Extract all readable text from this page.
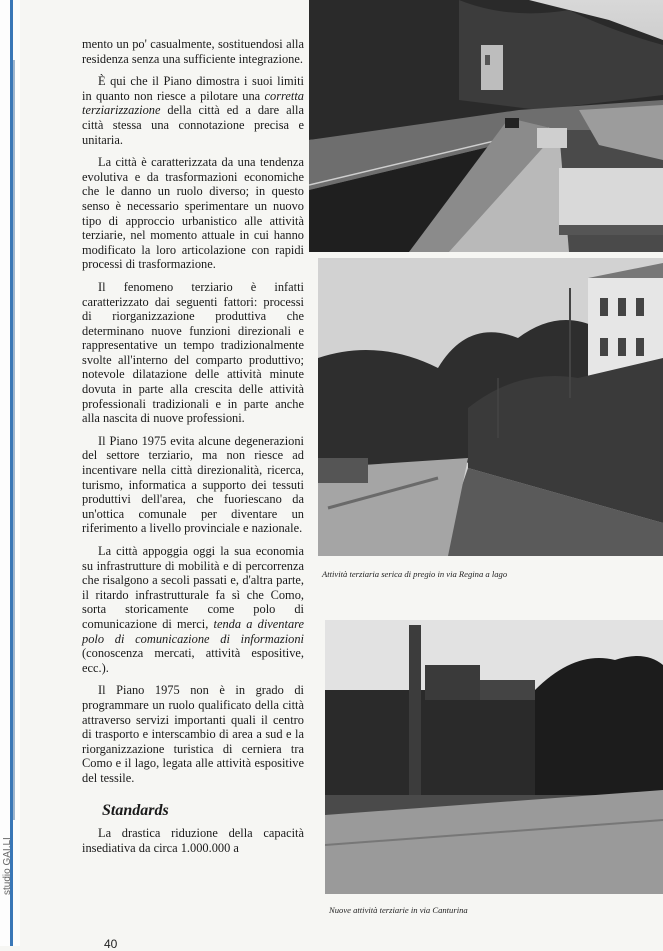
studio GAI.LI

mento un po' casualmente, sostituendosi alla residenza senza una sufficiente integrazione.

È qui che il Piano dimostra i suoi limiti in quanto non riesce a pilotare una corretta terziarizzazione della città ed a dare alla città stessa una connotazione precisa e unitaria.

La città è caratterizzata da una tendenza evolutiva e da trasformazioni economiche che le danno un ruolo diverso; in questo senso è necessario sperimentare un nuovo tipo di approccio urbanistico alle attività terziarie, nel momento attuale in cui hanno modificato la loro articolazione con rapidi processi di trasformazione.

Il fenomeno terziario è infatti caratterizzato dai seguenti fattori: processi di riorganizzazione produttiva che determinano nuove funzioni direzionali e rappresentative un tempo tradizionalmente svolte all'interno del comparto produttivo; notevole dilatazione delle attività minute dovuta in parte alla crescita delle attività professionali tradizionali e in parte anche alla nascita di nuove professioni.

Il Piano 1975 evita alcune degenerazioni del settore terziario, ma non riesce ad incentivare nella città direzionalità, ricerca, turismo, informatica a supporto dei tessuti produttivi dell'area, che fuoriescano da un'ottica comunale per diventare un riferimento a livello provinciale e nazionale.

La città appoggia oggi la sua economia su infrastrutture di mobilità e di percorrenza che risalgono a secoli passati e, d'altra parte, il ritardo infrastrutturale fa sì che Como, sorta storicamente come polo di comunicazione di merci, tenda a diventare polo di comunicazione di informazioni (conoscenza mercati, attività espositive, ecc.).

Il Piano 1975 non è in grado di programmare un ruolo qualificato della città attraverso servizi importanti quali il centro di trasporto e interscambio di area a sud e la riorganizzazione turistica di cerniera tra Como e il lago, legata alle attività espositive del tessile.

Standards

La drastica riduzione della capacità insediativa da circa 1.000.000 a

40
Attività terziaria serica di pregio in via Regina a lago
Nuove attività terziarie in via Canturina
